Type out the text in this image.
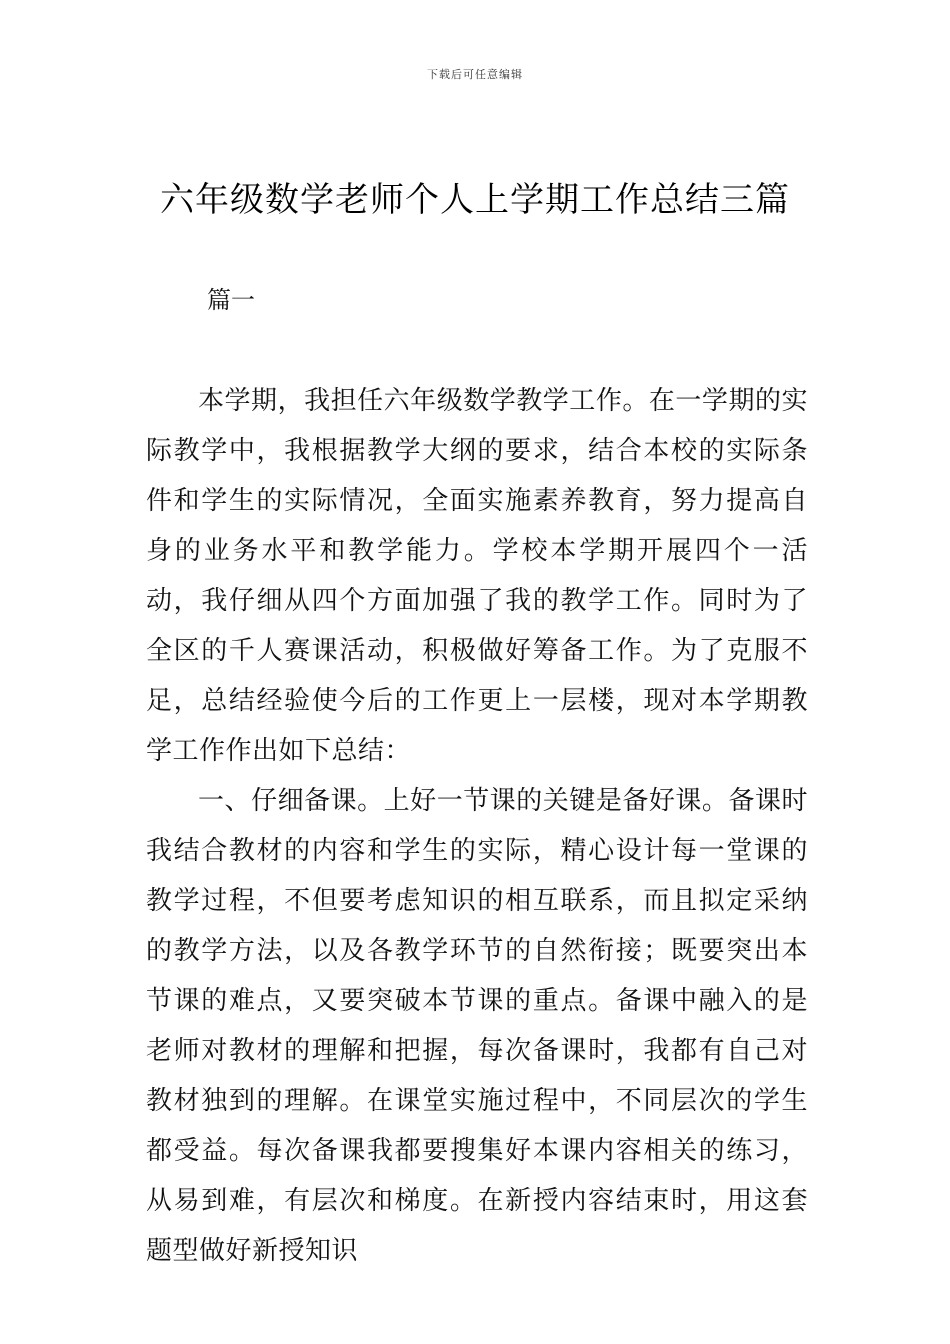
下载后可任意编辑
六年级数学老师个人上学期工作总结三篇
篇一

本学期，我担任六年级数学教学工作。在一学期的实际教学中，我根据教学大纲的要求，结合本校的实际条件和学生的实际情况，全面实施素养教育，努力提高自身的业务水平和教学能力。学校本学期开展四个一活动，我仔细从四个方面加强了我的教学工作。同时为了全区的千人赛课活动，积极做好筹备工作。为了克服不足，总结经验使今后的工作更上一层楼，现对本学期教学工作作出如下总结：

一、仔细备课。上好一节课的关键是备好课。备课时我结合教材的内容和学生的实际，精心设计每一堂课的教学过程，不但要考虑知识的相互联系，而且拟定采纳的教学方法，以及各教学环节的自然衔接；既要突出本节课的难点，又要突破本节课的重点。备课中融入的是老师对教材的理解和把握，每次备课时，我都有自己对教材独到的理解。在课堂实施过程中，不同层次的学生都受益。每次备课我都要搜集好本课内容相关的练习，从易到难，有层次和梯度。在新授内容结束时，用这套题型做好新授知识
